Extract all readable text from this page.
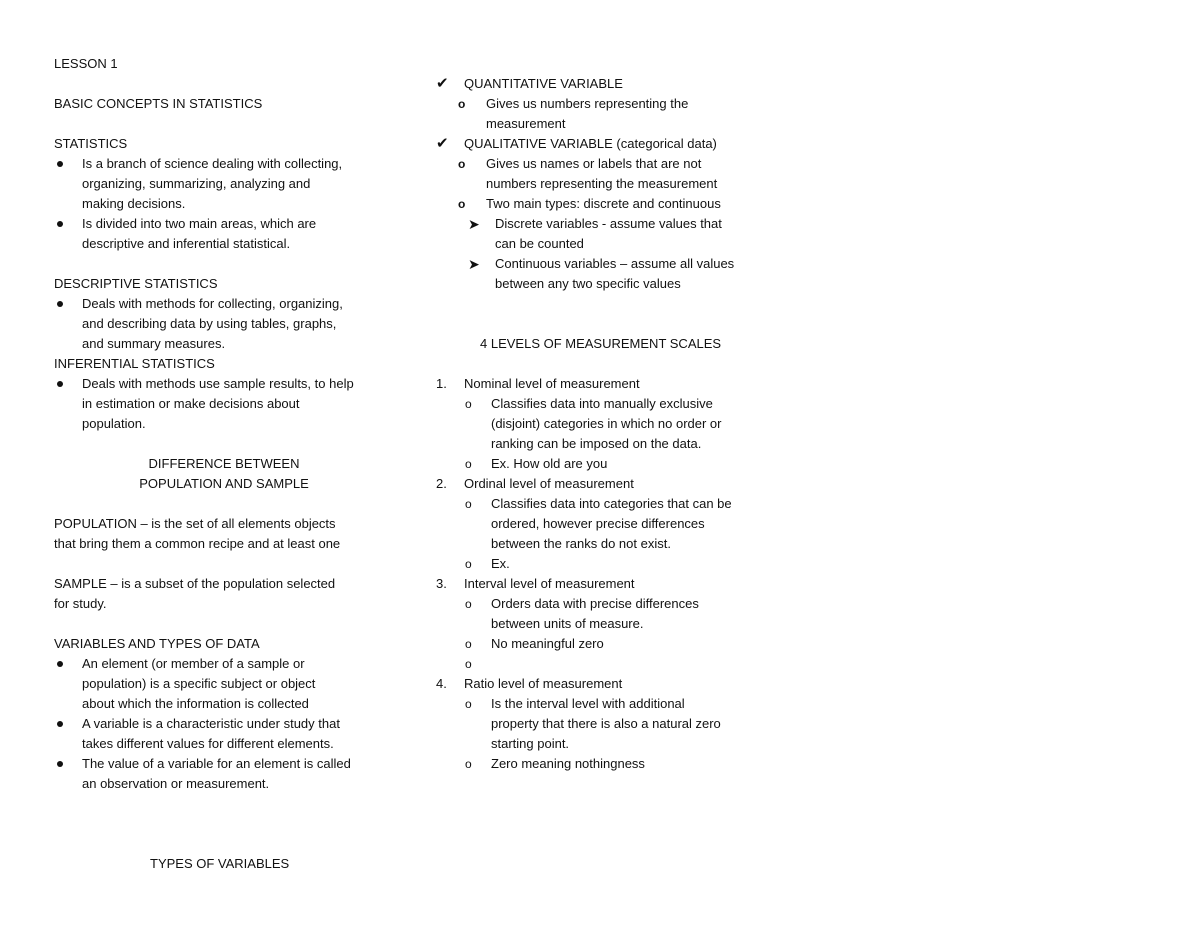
LESSON 1
BASIC CONCEPTS IN STATISTICS
STATISTICS
Is a branch of science dealing with collecting,
organizing, summarizing, analyzing and
making decisions.
Is divided into two main areas, which are
descriptive and inferential statistical.
DESCRIPTIVE STATISTICS
Deals with methods for collecting, organizing,
and describing data by using tables, graphs,
and summary measures.
INFERENTIAL STATISTICS
Deals with methods use sample results, to help
in estimation or make decisions about
population.
DIFFERENCE BETWEEN
POPULATION AND SAMPLE
POPULATION – is the set of all elements objects
that bring them a common recipe and at least one
SAMPLE – is a subset of the population selected
for study.
VARIABLES AND TYPES OF DATA
An element (or member of a sample or
population) is a specific subject or object
about which the information is collected
A variable is a characteristic under study that
takes different values for different elements.
The value of a variable for an element is called
an observation or measurement.
TYPES OF VARIABLES
✔ QUANTITATIVE VARIABLE
o Gives us numbers representing the
measurement
✔ QUALITATIVE VARIABLE (categorical data)
o Gives us names or labels that are not
numbers representing the measurement
o Two main types: discrete and continuous
➤ Discrete variables - assume values that
can be counted
➤ Continuous variables – assume all values
between any two specific values
4 LEVELS OF MEASUREMENT SCALES
1. Nominal level of measurement
o Classifies data into manually exclusive
(disjoint) categories in which no order or
ranking can be imposed on the data.
o Ex. How old are you
2. Ordinal level of measurement
o Classifies data into categories that can be
ordered, however precise differences
between the ranks do not exist.
o Ex.
3. Interval level of measurement
o Orders data with precise differences
between units of measure.
o No meaningful zero
o
4. Ratio level of measurement
o Is the interval level with additional
property that there is also a natural zero
starting point.
o Zero meaning nothingness
